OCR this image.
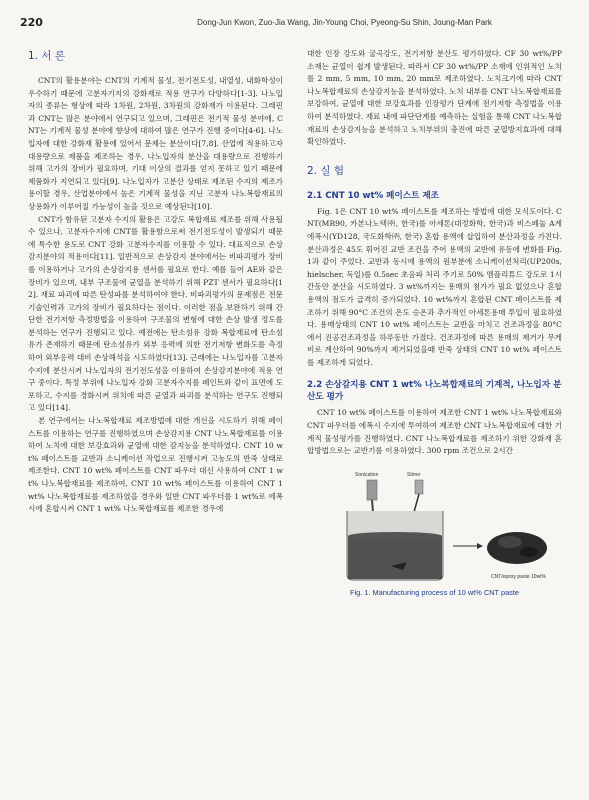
220	Dong-Jun Kwon, Zuo-Jia Wang, Jin-Young Choi, Pyeong-Su Shin, Joung-Man Park
1. 서 론

CNT의 활용분야는 CNT의 기계적 물성, 전기전도성, 내열성, 내화학성이 우수하기 때문에 고분자기지의 강화재로 적용 연구가 다양하다[1-3]. 나노입자의 종류는 형상에 따라 1차원, 2차원, 3차원의 강화재가 이용된다. 그래핀과 CNT는 많은 분야에서 연구되고 있으며, 그래핀은 전기적 물성 분야에, CNT는 기계적 물성 분야에 향상에 대하여 많은 연구가 진행 중이다[4-6]. 나노입자에 대한 강화재 활용에 있어서 문제는 분산이다[7,8]. 산업에 적용하고자 대용량으로 제품을 제조하는 경우, 나노입자의 분산을 대용량으로 진행하기 위해 고가의 장비가 필요하며, 기대 이상의 결과를 얻지 못하고 있기 때문에 제품화가 지연되고 있다[9]. 나노입자가 고분산 상태로 제조된 수지의 제조가 용이할 경우, 산업분야에서 높은 기계적 물성을 지닌 고분자 나노복합재료의 상용화가 이루어질 가능성이 높을 것으로 예상된다[10].

CNT가 함유된 고분자 수지의 활용은 고강도 복합재료 제조를 위해 사용될 수 있으나, 고분자수지에 CNT를 활용함으로써 전기전도성이 발생되기 때문에 특수한 용도로 CNT 강화 고분자수지를 이용할 수 있다. 대표적으로 손상감지분야의 적용이다[11]. 일반적으로 손상감지 분야에서는 비파괴평가 장비를 이용하거나 고가의 손상감지용 센서를 필요로 한다. 예를 들어 AE와 같은 장비가 있으며, 내부 구조물에 균열을 분석하기 위해 PZT 센서가 필요하다[12]. 재료 파괴에 따른 탄성파를 분석하여야 한다. 비파괴평가의 문제점은 전문기술인력과 고가의 장비가 필요하다는 점이다. 이러한 점을 보완하기 위해 간단한 전기저항 측정방법을 이용하여 구조물의 변형에 대한 손상 발생 정도를 분석하는 연구가 진행되고 있다. 예전에는 탄소섬유 강화 복합재료에 탄소섬유가 존재하기 때문에 탄소섬유가 외부 응력에 의한 전기저항 변화도를 측정하여 외부응력 대비 손상해석을 시도하였다[13]. 근래에는 나노입자를 고분자수지에 분산시켜 나노입자의 전기전도성을 이용하여 손상감지분야에 적용 연구 중이다. 특정 부위에 나노입자 강화 고분자수지를 페인트와 같이 표면에 도포하고, 수지를 경화시켜 위치에 따른 균열과 파괴를 분석하는 연구도 진행되고 있다[14].

본 연구에서는 나노복합재료 제조방법에 대한 개선을 시도하기 위해 페이스트를 이용하는 연구를 진행하였으며 손상감지용 CNT 나노복합재료를 이용하여 노치에 대한 보강효과와 균열에 대한 감지능을 분석하였다. CNT 10 wt% 페이스트를 교반과 소니케이션 작업으로 진행시켜 고농도의 반죽 상태로 제조한다. CNT 10 wt% 페이스트를 CNT 파우더 대신 사용하여 CNT 1 wt% 나노복합재료를 제조하여, CNT 10 wt% 페이스트를 이용하여 CNT 1 wt% 나노복합재료를 제조하였을 경우와 일반 CNT 파우더를 1 wt%로 에폭시에 혼합시켜 CNT 1 wt% 나노복합재료를 제조한 경우에

대한 인장 강도와 굴곡강도, 전기저항 분산도 평가하였다. CF 30 wt%/PP 소재는 균열이 쉽게 발생된다. 따라서 CF 30 wt%/PP 소재에 인위적인 노치를 2 mm, 5 mm, 10 mm, 20 mm로 제조하였다. 노치크기에 따라 CNT 나노복합재료의 손상감지능을 분석하였다. 노치 내부를 CNT 나노복합재료를 보강하여, 균열에 대한 보강효과를 인장평가 단계에 전기저항 측정법을 이용하여 분석하였다. 재료 내에 파단단계를 예측하는 실험을 통해 CNT 나노복합재료의 손상감지능을 분석하고 노치부위의 충진에 따른 균열방지효과에 대해 확인하였다.

2. 실 험
2.1 CNT 10 wt% 페이스트 제조

Fig. 1은 CNT 10 wt% 페이스트를 제조하는 방법에 대한 모식도이다. CNT(MR90, 카본나노텍㈜, 한국)를 아세톤(대정화학, 한국)과 비스페놀 A계 에폭시(YD128, 국도화학㈜, 한국) 혼합 용액에 삽입하여 분산과정을 가진다. 분산과정은 45도 휘어진 교반 조건을 주어 용액의 교반에 유동에 변화를 Fig. 1과 같이 주었다. 교반과 동시에 용액의 원부분에 소니케이션처리(UP200s, hielscher, 독일)를 0.5sec 초음파 처리 주기로 50% 앰플리튜드 강도로 1시간동안 분산을 시도하였다. 3 wt%까지는 용매의 첨가가 필요 없었으나 혼합용액의 점도가 급격히 증가되었다. 10 wt%까지 혼합된 CNT 페이스트를 제조하기 위해 90°C 조건의 온도 승온과 추가적인 아세톤용매 투입이 필요하였다. 용매상태의 CNT 10 wt% 페이스트는 교반을 마치고 건조과정을 80°C에서 진공건조과정을 하루동안 가졌다. 건조과정에 따른 용매의 제거가 무게비로 계산하여 90%까지 제거되었을때 반죽 상태의 CNT 10 wt% 페이스트를 제조하게 되었다.

2.2 손상감지용 CNT 1 wt% 나노복합재료의 기계적, 나노입자 분산도 평가

CNT 10 wt% 페이스트를 이용하여 제조한 CNT 1 wt% 나노복합재료와 CNT 파우더를 에폭시 수지에 투여하여 제조한 CNT 나노복합재료에 대한 기계적 물성평가를 진행하였다. CNT 나노복합재료를 제조하기 위한 강화재 혼합방법으로는 교반기를 이용하였다. 300 rpm 조건으로 2시간

Sonication	Stirrer
CNT/epoxy paste 10wt%
Fig. 1. Manufacturing process of 10 wt% CNT paste
